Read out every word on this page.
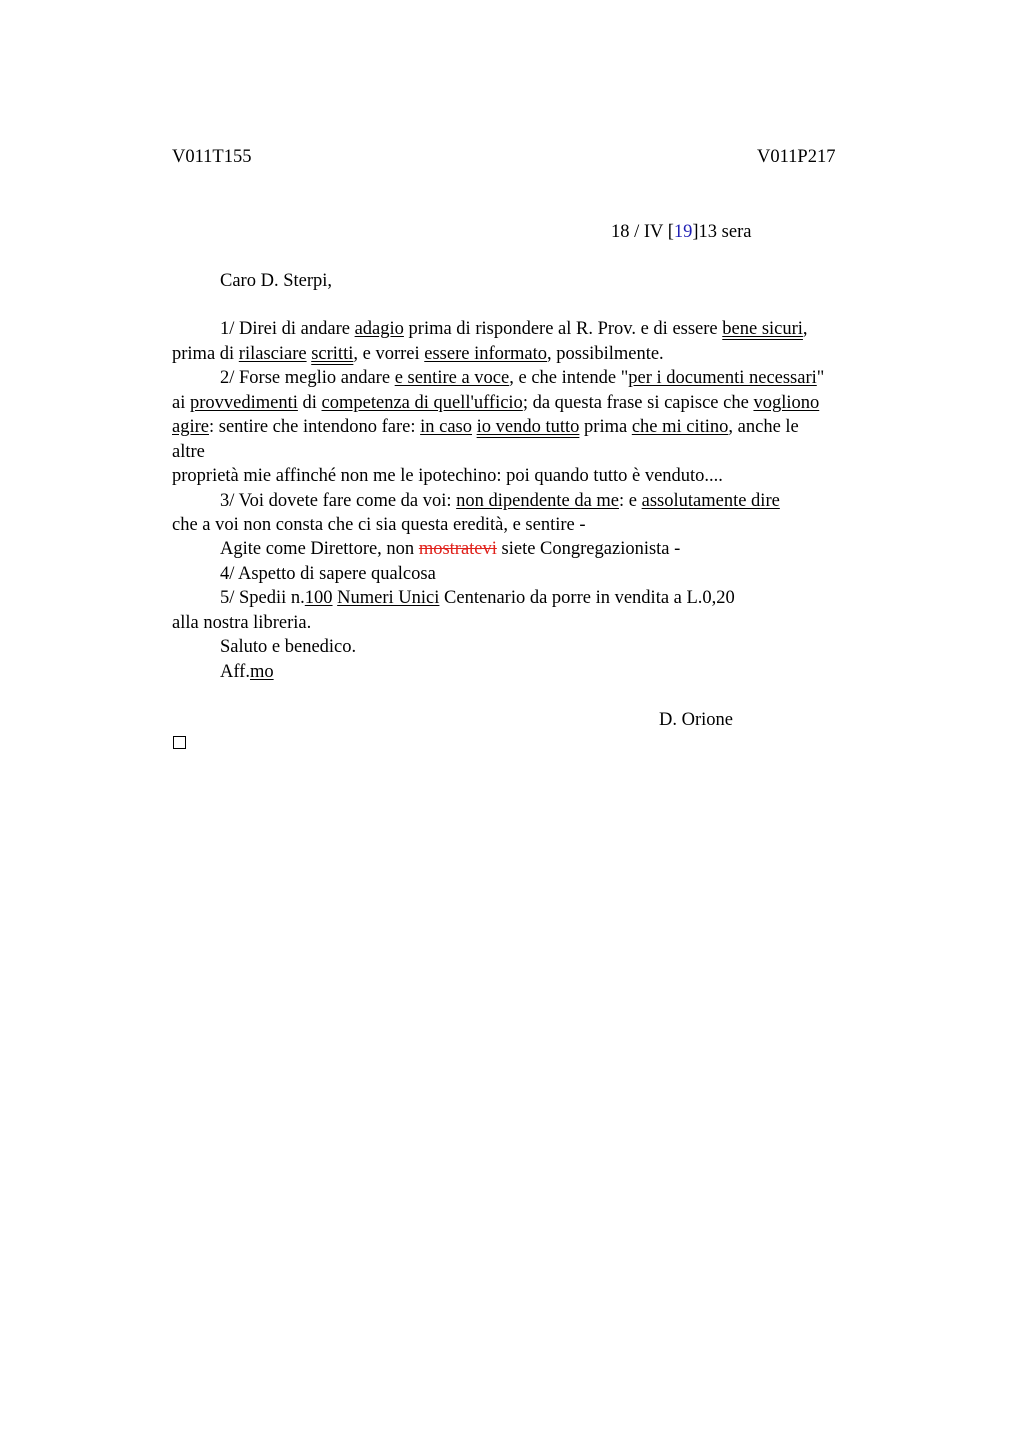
V011T155	V011P217
18 / IV [19]13 sera
Caro D. Sterpi,
1/ Direi di andare adagio prima di rispondere al R. Prov. e di essere bene sicuri,
prima di rilasciare scritti, e vorrei essere informato, possibilmente.
2/ Forse meglio andare e sentire a voce, e che intende "per i documenti necessari"
ai provvedimenti di competenza di quell'ufficio; da questa frase si capisce che vogliono
agire: sentire che intendono fare: in caso io vendo tutto prima che mi citino, anche le
altre
proprietà mie affinché non me le ipotechino: poi quando tutto è venduto....
3/ Voi dovete fare come da voi: non dipendente da me: e assolutamente dire
che a voi non consta che ci sia questa eredità, e sentire -
Agite come Direttore, non mostratevi siete Congregazionista -
4/ Aspetto di sapere qualcosa
5/ Spedii n.100 Numeri Unici Centenario da porre in vendita a L.0,20
alla nostra libreria.
Saluto e benedico.
Aff.mo
D. Orione
